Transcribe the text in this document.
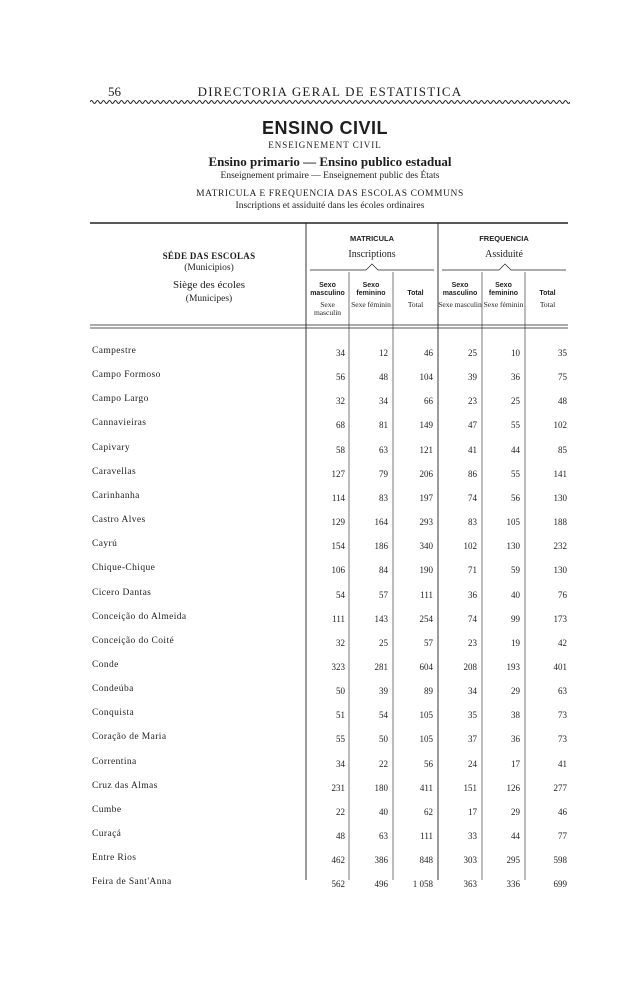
56	DIRECTORIA GERAL DE ESTATISTICA
ENSINO CIVIL
ENSEIGNEMENT CIVIL
Ensino primario — Ensino publico estadual
Enseignement primaire — Enseignement public des États
MATRICULA E FREQUENCIA DAS ESCOLAS COMMUNS
Inscriptions et assiduité dans les écoles ordinaires
SÉDE DAS ESCOLAS
(Municipios)
Siège des écoles
(Municipes)
MATRICULA
Inscriptions
FREQUENCIA
Assiduité
Sexo masculino
Sexe masculin
Sexo feminino
Sexe féminin
Total
Total
Sexo masculino
Sexe masculin
Sexo feminino
Sexe féminin
Total
Total
Campestre	34	12	46	25	10	35
Campo Formoso	56	48	104	39	36	75
Campo Largo	32	34	66	23	25	48
Cannavieiras	68	81	149	47	55	102
Capivary	58	63	121	41	44	85
Caravellas	127	79	206	86	55	141
Carinhanha	114	83	197	74	56	130
Castro Alves	129	164	293	83	105	188
Cayrú	154	186	340	102	130	232
Chique-Chique	106	84	190	71	59	130
Cicero Dantas	54	57	111	36	40	76
Conceição do Almeida	111	143	254	74	99	173
Conceição do Coité	32	25	57	23	19	42
Conde	323	281	604	208	193	401
Condeúba	50	39	89	34	29	63
Conquista	51	54	105	35	38	73
Coração de Maria	55	50	105	37	36	73
Correntina	34	22	56	24	17	41
Cruz das Almas	231	180	411	151	126	277
Cumbe	22	40	62	17	29	46
Curaçá	48	63	111	33	44	77
Entre Rios	462	386	848	303	295	598
Feira de Sant'Anna	562	496	1 058	363	336	699
